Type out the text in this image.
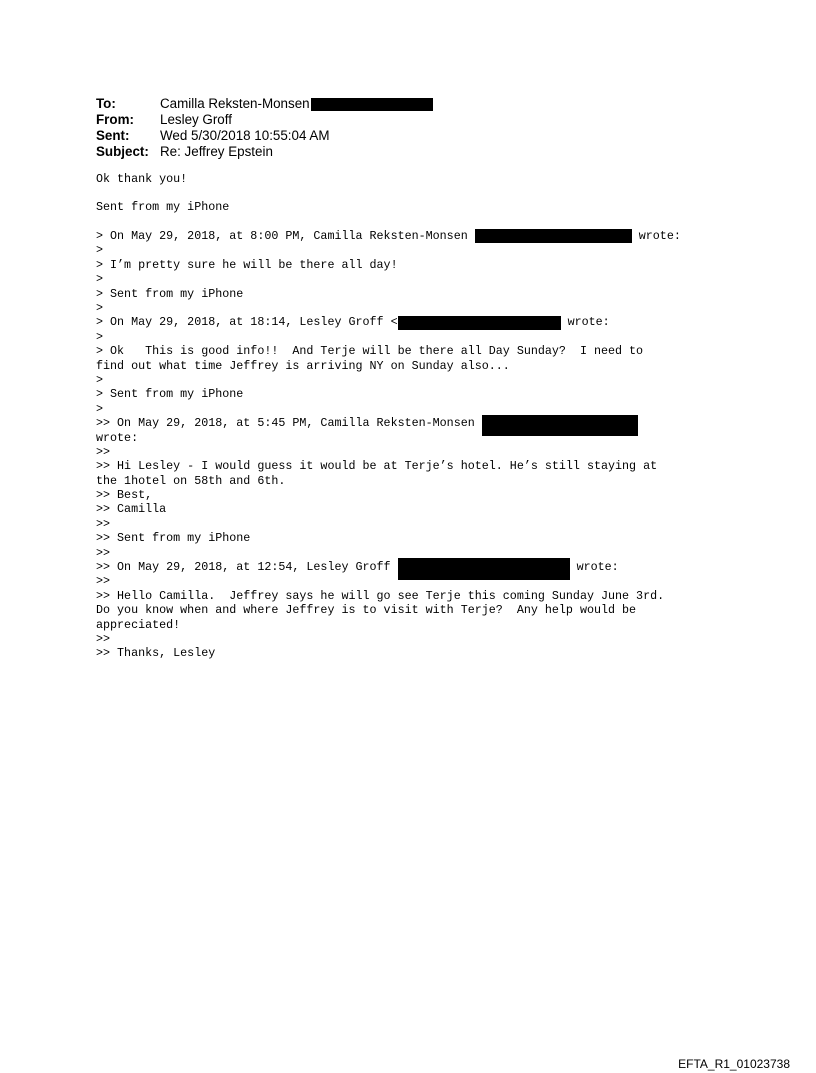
To:	Camilla Reksten-Monsen
From:	Lesley Groff
Sent:	Wed 5/30/2018 10:55:04 AM
Subject: Re: Jeffrey Epstein
Ok thank you!
Sent from my iPhone
> On May 29, 2018, at 8:00 PM, Camilla Reksten-Monsen	wrote:
>
> I’m pretty sure he will be there all day!
>
> Sent from my iPhone
>
> On May 29, 2018, at 18:14, Lesley Groff <	wrote:
>
> Ok   This is good info!!  And Terje will be there all Day Sunday?  I need to
find out what time Jeffrey is arriving NY on Sunday also...
>
> Sent from my iPhone
>
>> On May 29, 2018, at 5:45 PM, Camilla Reksten-Monsen
wrote:
>>
>> Hi Lesley - I would guess it would be at Terje’s hotel. He’s still staying at
the 1hotel on 58th and 6th.
>> Best,
>> Camilla
>>
>> Sent from my iPhone
>>
>> On May 29, 2018, at 12:54, Lesley Groff	wrote:
>>
>> Hello Camilla.  Jeffrey says he will go see Terje this coming Sunday June 3rd.
Do you know when and where Jeffrey is to visit with Terje?  Any help would be
appreciated!
>>
>> Thanks, Lesley
EFTA_R1_01023738
